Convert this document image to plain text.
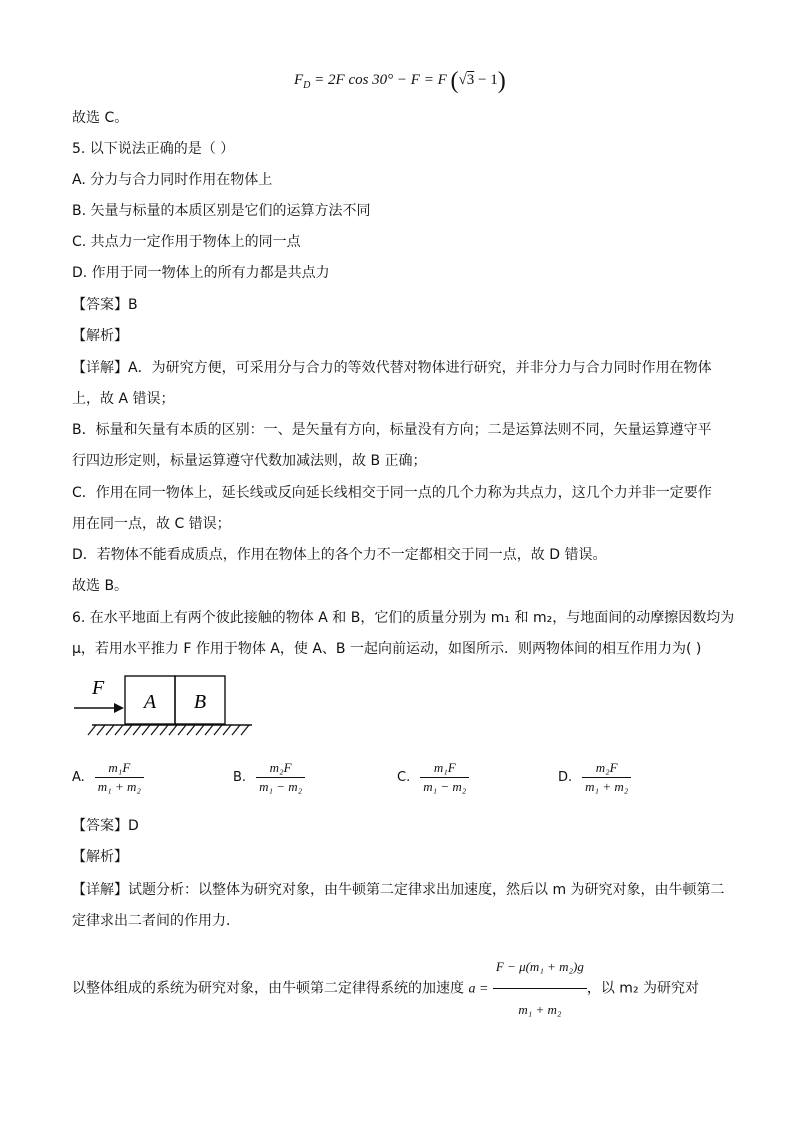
$F_D = 2F$ cos 30° − F = F (√3 − 1)
故选 C。
5. 以下说法正确的是（ ）
A. 分力与合力同时作用在物体上
B. 矢量与标量的本质区别是它们的运算方法不同
C. 共点力一定作用于物体上的同一点
D. 作用于同一物体上的所有力都是共点力
【答案】B
【解析】
【详解】A．为研究方便，可采用分与合力的等效代替对物体进行研究，并非分力与合力同时作用在物体
上，故 A 错误；
B．标量和矢量有本质的区别：一、是矢量有方向，标量没有方向；二是运算法则不同，矢量运算遵守平
行四边形定则，标量运算遵守代数加减法则，故 B 正确；
C．作用在同一物体上，延长线或反向延长线相交于同一点的几个力称为共点力，这几个力并非一定要作
用在同一点，故 C 错误；
D．若物体不能看成质点，作用在物体上的各个力不一定都相交于同一点，故 D 错误。
故选 B。
6. 在水平地面上有两个彼此接触的物体 A 和 B，它们的质量分别为 m₁ 和 m₂，与地面间的动摩擦因数均为
μ，若用水平推力 F 作用于物体 A，使 A、B 一起向前运动，如图所示．则两物体间的相互作用力为( )
F
A B
A. $\frac{\text{m₁F}}{\text{m₁ + m₂}}$	B. $\frac{\text{m₂F}}{\text{m₁ − m₂}}$	C. $\frac{\text{m₁F}}{\text{m₁ − m₂}}$	D. $\frac{\text{m₂F}}{\text{m₁ + m₂}}$
【答案】D
【解析】
【详解】试题分析：以整体为研究对象，由牛顿第二定律求出加速度，然后以 m 为研究对象，由牛顿第二
定律求出二者间的作用力．
以整体组成的系统为研究对象，由牛顿第二定律得系统的加速度 $a = \frac{\text{F − μ(m₁ + m₂)g}}{\text{m₁ + m₂}}$ ，以 m₂ 为研究对
